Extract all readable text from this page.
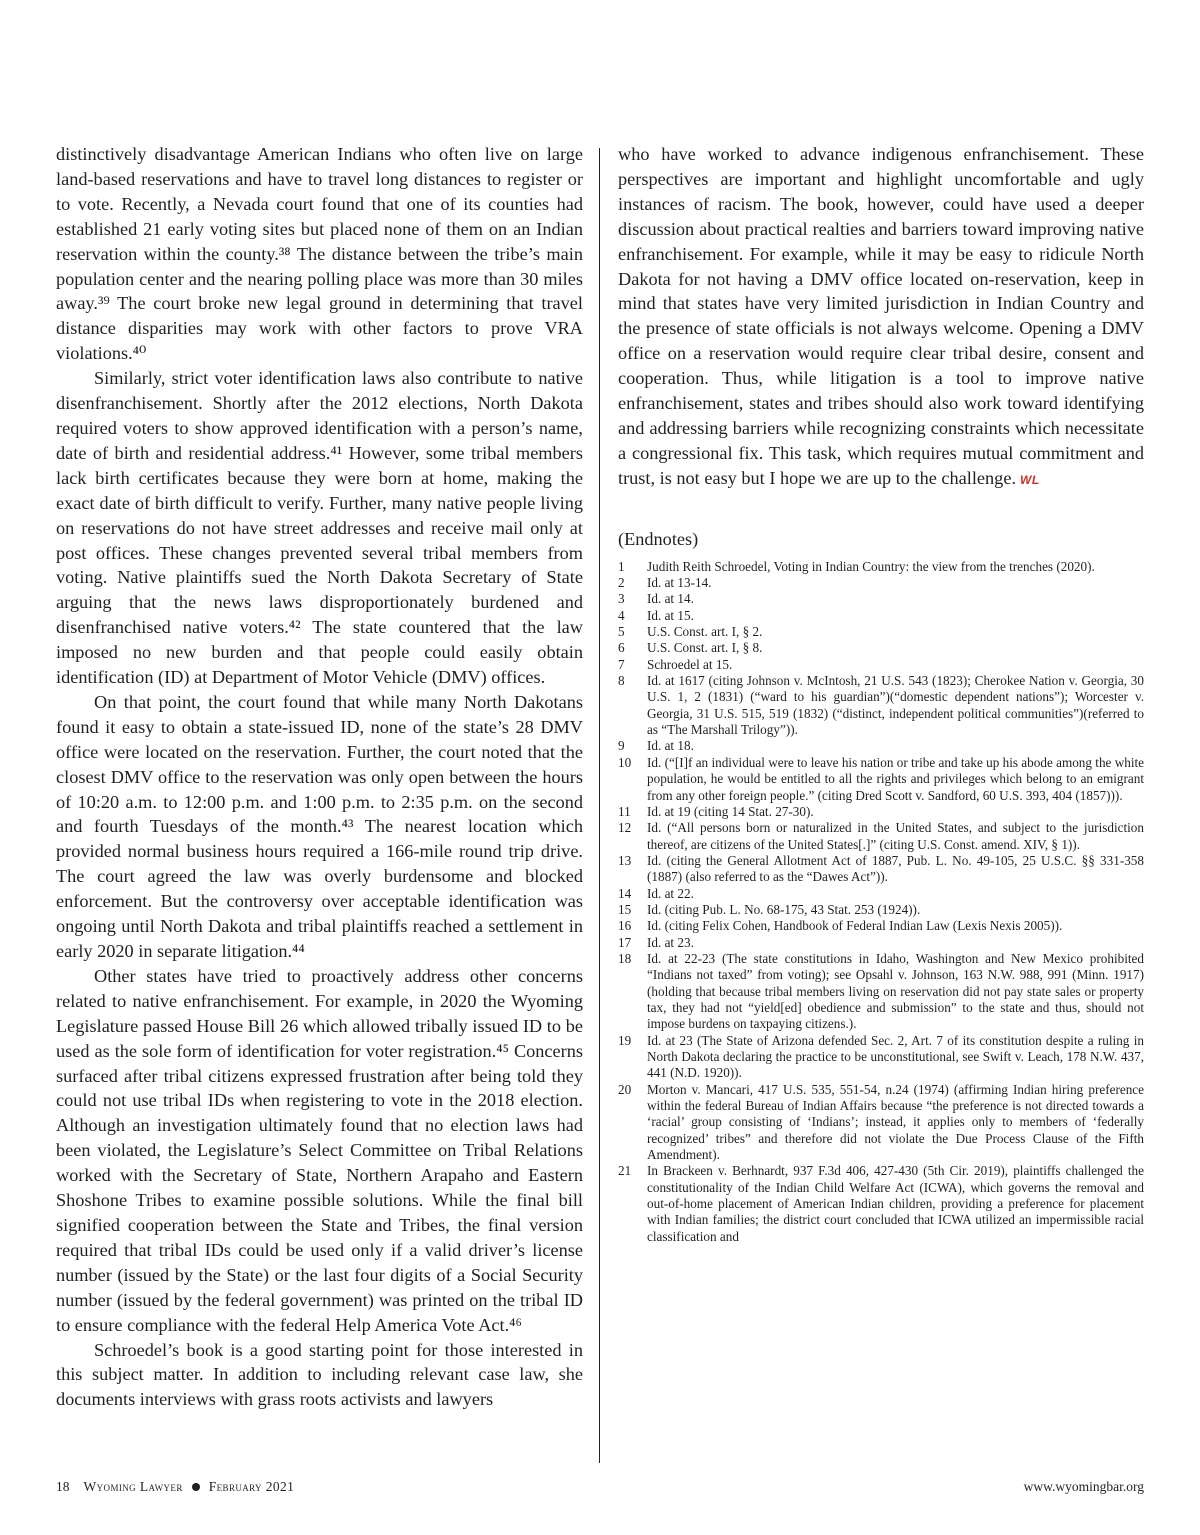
distinctively disadvantage American Indians who often live on large land-based reservations and have to travel long distances to register or to vote. Recently, a Nevada court found that one of its counties had established 21 early voting sites but placed none of them on an Indian reservation within the county.³⁸ The distance between the tribe’s main population center and the nearing polling place was more than 30 miles away.³⁹ The court broke new legal ground in determining that travel distance disparities may work with other factors to prove VRA violations.⁴⁰

Similarly, strict voter identification laws also contribute to native disenfranchisement. Shortly after the 2012 elections, North Dakota required voters to show approved identification with a person’s name, date of birth and residential address.⁴¹ However, some tribal members lack birth certificates because they were born at home, making the exact date of birth difficult to verify. Further, many native people living on reservations do not have street addresses and receive mail only at post offices. These changes prevented several tribal members from voting. Native plaintiffs sued the North Dakota Secretary of State arguing that the news laws disproportionately burdened and disenfranchised native voters.⁴² The state countered that the law imposed no new burden and that people could easily obtain identification (ID) at Department of Motor Vehicle (DMV) offices.

On that point, the court found that while many North Dakotans found it easy to obtain a state-issued ID, none of the state’s 28 DMV office were located on the reservation. Further, the court noted that the closest DMV office to the reservation was only open between the hours of 10:20 a.m. to 12:00 p.m. and 1:00 p.m. to 2:35 p.m. on the second and fourth Tuesdays of the month.⁴³ The nearest location which provided normal business hours required a 166-mile round trip drive. The court agreed the law was overly burdensome and blocked enforcement. But the controversy over acceptable identification was ongoing until North Dakota and tribal plaintiffs reached a settlement in early 2020 in separate litigation.⁴⁴

Other states have tried to proactively address other concerns related to native enfranchisement. For example, in 2020 the Wyoming Legislature passed House Bill 26 which allowed tribally issued ID to be used as the sole form of identification for voter registration.⁴⁵ Concerns surfaced after tribal citizens expressed frustration after being told they could not use tribal IDs when registering to vote in the 2018 election. Although an investigation ultimately found that no election laws had been violated, the Legislature’s Select Committee on Tribal Relations worked with the Secretary of State, Northern Arapaho and Eastern Shoshone Tribes to examine possible solutions. While the final bill signified cooperation between the State and Tribes, the final version required that tribal IDs could be used only if a valid driver’s license number (issued by the State) or the last four digits of a Social Security number (issued by the federal government) was printed on the tribal ID to ensure compliance with the federal Help America Vote Act.⁴⁶

Schroedel’s book is a good starting point for those interested in this subject matter. In addition to including relevant case law, she documents interviews with grass roots activists and lawyers

who have worked to advance indigenous enfranchisement. These perspectives are important and highlight uncomfortable and ugly instances of racism. The book, however, could have used a deeper discussion about practical realties and barriers toward improving native enfranchisement. For example, while it may be easy to ridicule North Dakota for not having a DMV office located on-reservation, keep in mind that states have very limited jurisdiction in Indian Country and the presence of state officials is not always welcome. Opening a DMV office on a reservation would require clear tribal desire, consent and cooperation. Thus, while litigation is a tool to improve native enfranchisement, states and tribes should also work toward identifying and addressing barriers while recognizing constraints which necessitate a congressional fix. This task, which requires mutual commitment and trust, is not easy but I hope we are up to the challenge. WL

(Endnotes)
1	Judith Reith Schroedel, Voting in Indian Country: the view from the trenches (2020).
2	Id. at 13-14.
3	Id. at 14.
4	Id. at 15.
5	U.S. Const. art. I, § 2.
6	U.S. Const. art. I, § 8.
7	Schroedel at 15.
8	Id. at 1617 (citing Johnson v. McIntosh, 21 U.S. 543 (1823); Cherokee Nation v. Georgia, 30 U.S. 1, 2 (1831) (“ward to his guardian”)(“domestic dependent nations”); Worcester v. Georgia, 31 U.S. 515, 519 (1832) (“distinct, independent political communities”)(referred to as “The Marshall Trilogy”)).
9	Id. at 18.
10	Id. (“[I]f an individual were to leave his nation or tribe and take up his abode among the white population, he would be entitled to all the rights and privileges which belong to an emigrant from any other foreign people.” (citing Dred Scott v. Sandford, 60 U.S. 393, 404 (1857))).
11	Id. at 19 (citing 14 Stat. 27-30).
12	Id. (“All persons born or naturalized in the United States, and subject to the jurisdiction thereof, are citizens of the United States[.]” (citing U.S. Const. amend. XIV, § 1)).
13	Id. (citing the General Allotment Act of 1887, Pub. L. No. 49-105, 25 U.S.C. §§ 331-358 (1887) (also referred to as the “Dawes Act”)).
14	Id. at 22.
15	Id. (citing Pub. L. No. 68-175, 43 Stat. 253 (1924)).
16	Id. (citing Felix Cohen, Handbook of Federal Indian Law (Lexis Nexis 2005)).
17	Id. at 23.
18	Id. at 22-23 (The state constitutions in Idaho, Washington and New Mexico prohibited “Indians not taxed” from voting); see Opsahl v. Johnson, 163 N.W. 988, 991 (Minn. 1917) (holding that because tribal members living on reservation did not pay state sales or property tax, they had not “yield[ed] obedience and submission” to the state and thus, should not impose burdens on taxpaying citizens.).
19	Id. at 23 (The State of Arizona defended Sec. 2, Art. 7 of its constitution despite a ruling in North Dakota declaring the practice to be unconstitutional, see Swift v. Leach, 178 N.W. 437, 441 (N.D. 1920)).
20	Morton v. Mancari, 417 U.S. 535, 551-54, n.24 (1974) (affirming Indian hiring preference within the federal Bureau of Indian Affairs because “the preference is not directed towards a ‘racial’ group consisting of ‘Indians’; instead, it applies only to members of ‘federally recognized’ tribes” and therefore did not violate the Due Process Clause of the Fifth Amendment).
21	In Brackeen v. Berhnardt, 937 F.3d 406, 427-430 (5th Cir. 2019), plaintiffs challenged the constitutionality of the Indian Child Welfare Act (ICWA), which governs the removal and out-of-home placement of American Indian children, providing a preference for placement with Indian families; the district court concluded that ICWA utilized an impermissible racial classification and
18 Wyoming Lawyer February 2021	www.wyomingbar.org
